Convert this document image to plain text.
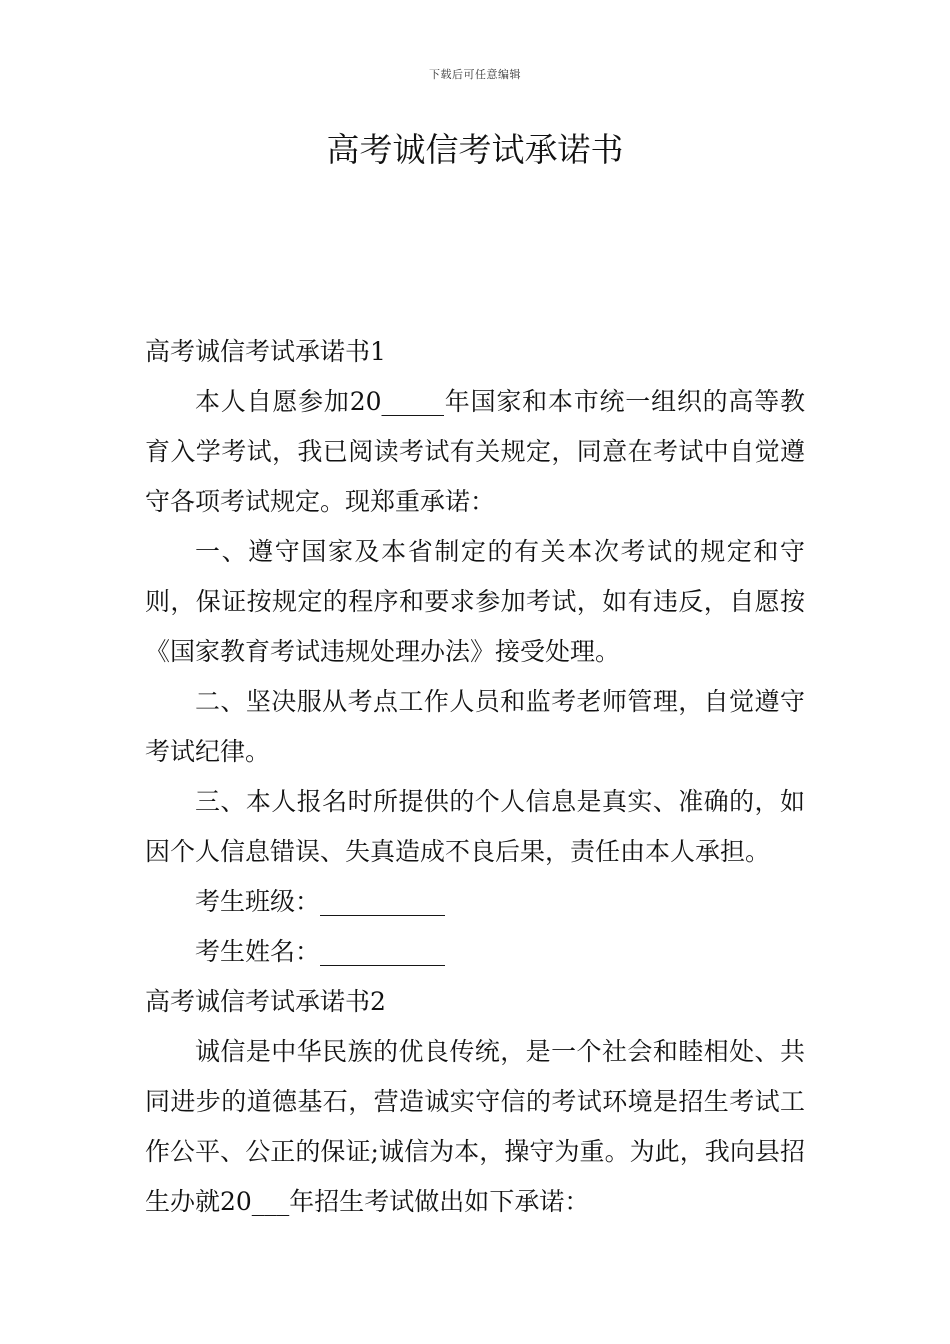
下载后可任意编辑
高考诚信考试承诺书

高考诚信考试承诺书1

本人自愿参加20_____年国家和本市统一组织的高等教育入学考试，我已阅读考试有关规定，同意在考试中自觉遵守各项考试规定。现郑重承诺：

一、遵守国家及本省制定的有关本次考试的规定和守则，保证按规定的程序和要求参加考试，如有违反，自愿按《国家教育考试违规处理办法》接受处理。

二、坚决服从考点工作人员和监考老师管理，自觉遵守考试纪律。

三、本人报名时所提供的个人信息是真实、准确的，如因个人信息错误、失真造成不良后果，责任由本人承担。

考生班级：__________

考生姓名：__________

高考诚信考试承诺书2

诚信是中华民族的优良传统，是一个社会和睦相处、共同进步的道德基石，营造诚实守信的考试环境是招生考试工作公平、公正的保证;诚信为本，操守为重。为此，我向县招生办就20___年招生考试做出如下承诺：
